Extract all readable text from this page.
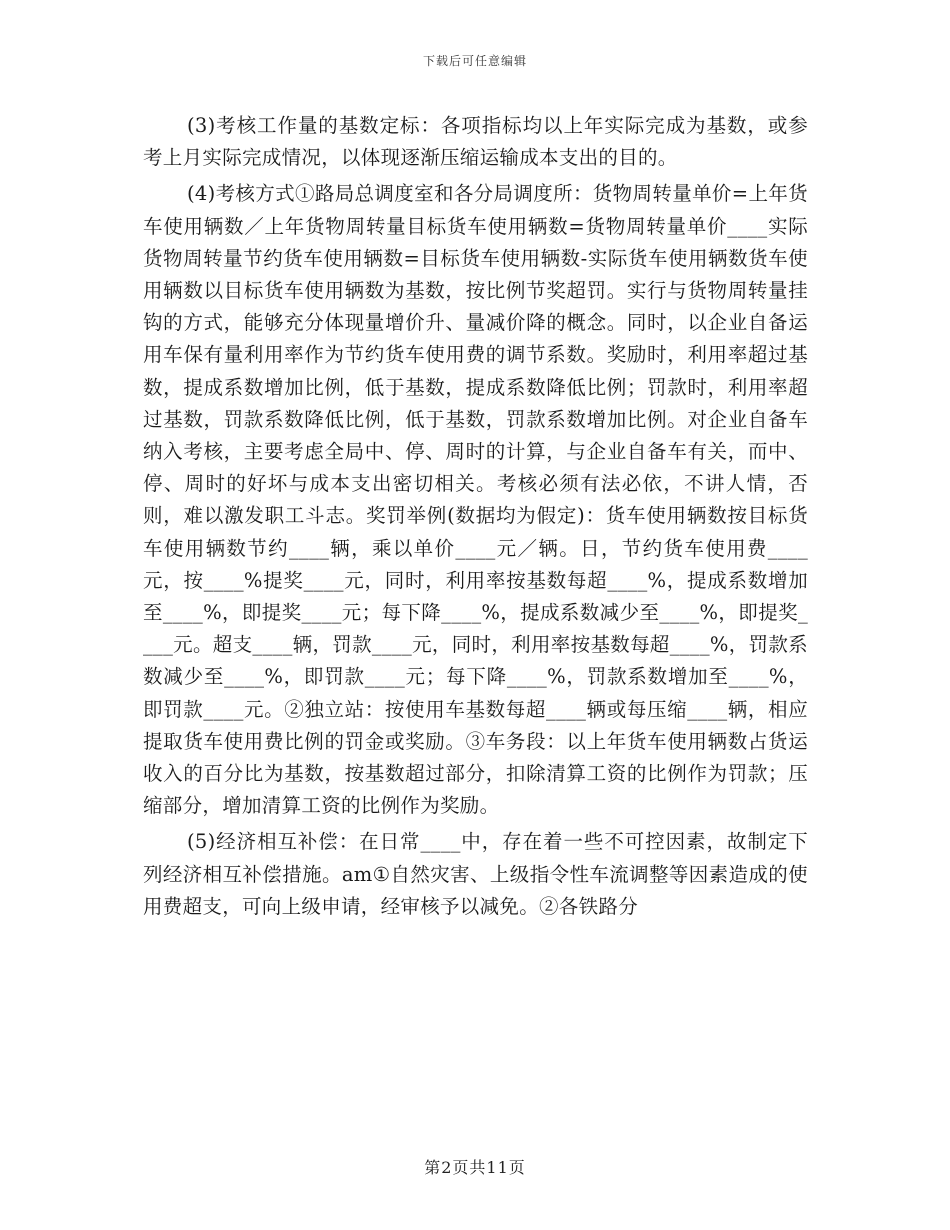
下载后可任意编辑

(3)考核工作量的基数定标：各项指标均以上年实际完成为基数，或参考上月实际完成情况，以体现逐渐压缩运输成本支出的目的。

(4)考核方式①路局总调度室和各分局调度所：货物周转量单价=上年货车使用辆数／上年货物周转量目标货车使用辆数=货物周转量单价____实际货物周转量节约货车使用辆数=目标货车使用辆数-实际货车使用辆数货车使用辆数以目标货车使用辆数为基数，按比例节奖超罚。实行与货物周转量挂钩的方式，能够充分体现量增价升、量减价降的概念。同时，以企业自备运用车保有量利用率作为节约货车使用费的调节系数。奖励时，利用率超过基数，提成系数增加比例，低于基数，提成系数降低比例；罚款时，利用率超过基数，罚款系数降低比例，低于基数，罚款系数增加比例。对企业自备车纳入考核，主要考虑全局中、停、周时的计算，与企业自备车有关，而中、停、周时的好坏与成本支出密切相关。考核必须有法必依，不讲人情，否则，难以激发职工斗志。奖罚举例(数据均为假定)：货车使用辆数按目标货车使用辆数节约____辆，乘以单价____元／辆。日，节约货车使用费____元，按____%提奖____元，同时，利用率按基数每超____%，提成系数增加至____%，即提奖____元；每下降____%，提成系数减少至____%，即提奖____元。超支____辆，罚款____元，同时，利用率按基数每超____%，罚款系数减少至____%，即罚款____元；每下降____%，罚款系数增加至____%，即罚款____元。②独立站：按使用车基数每超____辆或每压缩____辆，相应提取货车使用费比例的罚金或奖励。③车务段：以上年货车使用辆数占货运收入的百分比为基数，按基数超过部分，扣除清算工资的比例作为罚款；压缩部分，增加清算工资的比例作为奖励。

(5)经济相互补偿：在日常____中，存在着一些不可控因素，故制定下列经济相互补偿措施。am①自然灾害、上级指令性车流调整等因素造成的使用费超支，可向上级申请，经审核予以减免。②各铁路分

第2页共11页
